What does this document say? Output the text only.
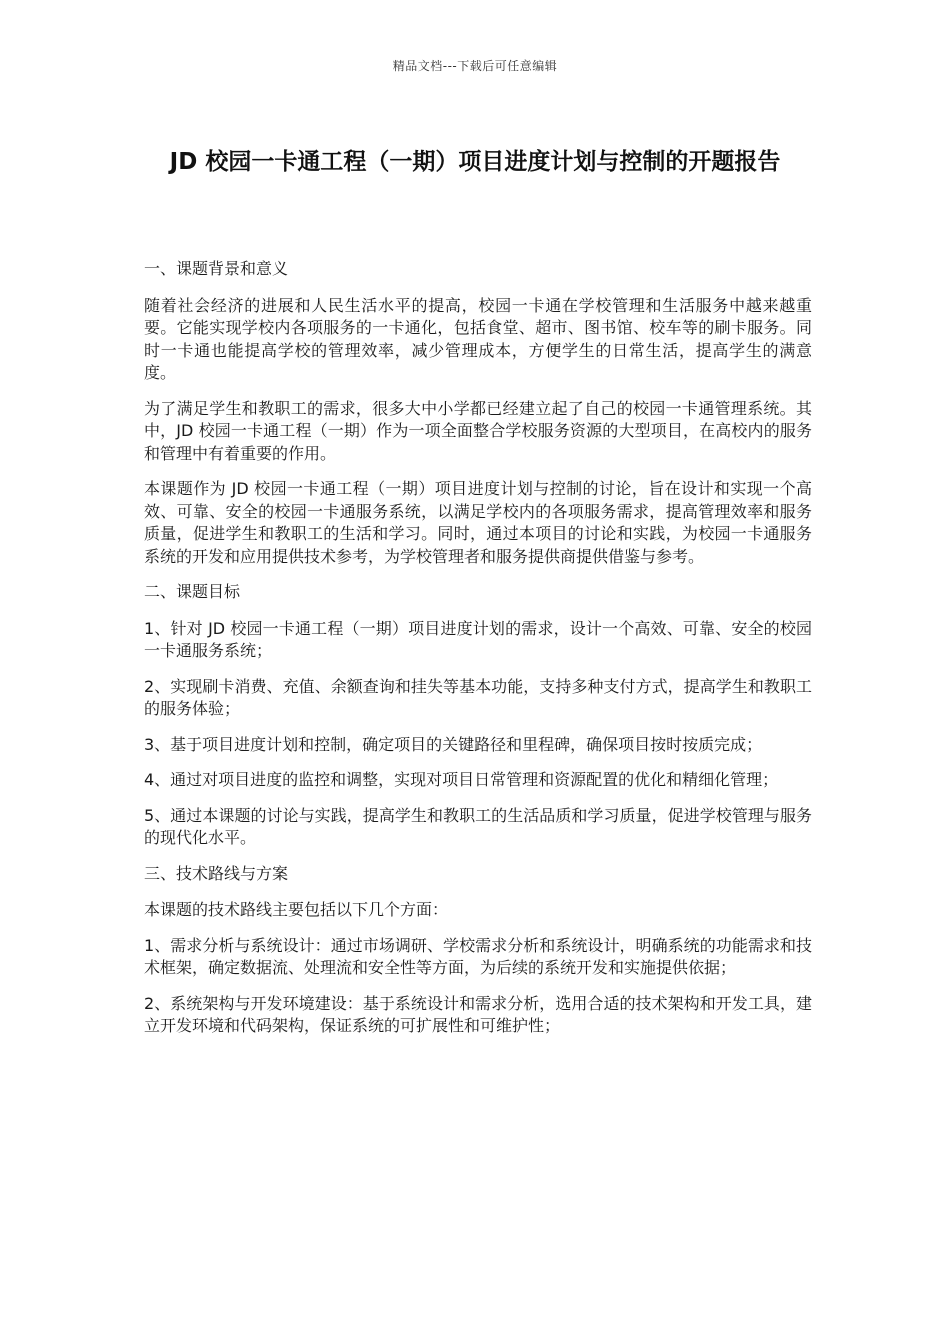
精品文档---下载后可任意编辑
JD 校园一卡通工程（一期）项目进度计划与控制的开题报告

一、课题背景和意义

随着社会经济的进展和人民生活水平的提高，校园一卡通在学校管理和生活服务中越来越重要。它能实现学校内各项服务的一卡通化，包括食堂、超市、图书馆、校车等的刷卡服务。同时一卡通也能提高学校的管理效率，减少管理成本，方便学生的日常生活，提高学生的满意度。

为了满足学生和教职工的需求，很多大中小学都已经建立起了自己的校园一卡通管理系统。其中，JD 校园一卡通工程（一期）作为一项全面整合学校服务资源的大型项目，在高校内的服务和管理中有着重要的作用。

本课题作为 JD 校园一卡通工程（一期）项目进度计划与控制的讨论，旨在设计和实现一个高效、可靠、安全的校园一卡通服务系统，以满足学校内的各项服务需求，提高管理效率和服务质量，促进学生和教职工的生活和学习。同时，通过本项目的讨论和实践，为校园一卡通服务系统的开发和应用提供技术参考，为学校管理者和服务提供商提供借鉴与参考。

二、课题目标

1、针对 JD 校园一卡通工程（一期）项目进度计划的需求，设计一个高效、可靠、安全的校园一卡通服务系统；

2、实现刷卡消费、充值、余额查询和挂失等基本功能，支持多种支付方式，提高学生和教职工的服务体验；

3、基于项目进度计划和控制，确定项目的关键路径和里程碑，确保项目按时按质完成；

4、通过对项目进度的监控和调整，实现对项目日常管理和资源配置的优化和精细化管理；

5、通过本课题的讨论与实践，提高学生和教职工的生活品质和学习质量，促进学校管理与服务的现代化水平。

三、技术路线与方案

本课题的技术路线主要包括以下几个方面：

1、需求分析与系统设计：通过市场调研、学校需求分析和系统设计，明确系统的功能需求和技术框架，确定数据流、处理流和安全性等方面，为后续的系统开发和实施提供依据；

2、系统架构与开发环境建设：基于系统设计和需求分析，选用合适的技术架构和开发工具，建立开发环境和代码架构，保证系统的可扩展性和可维护性；
